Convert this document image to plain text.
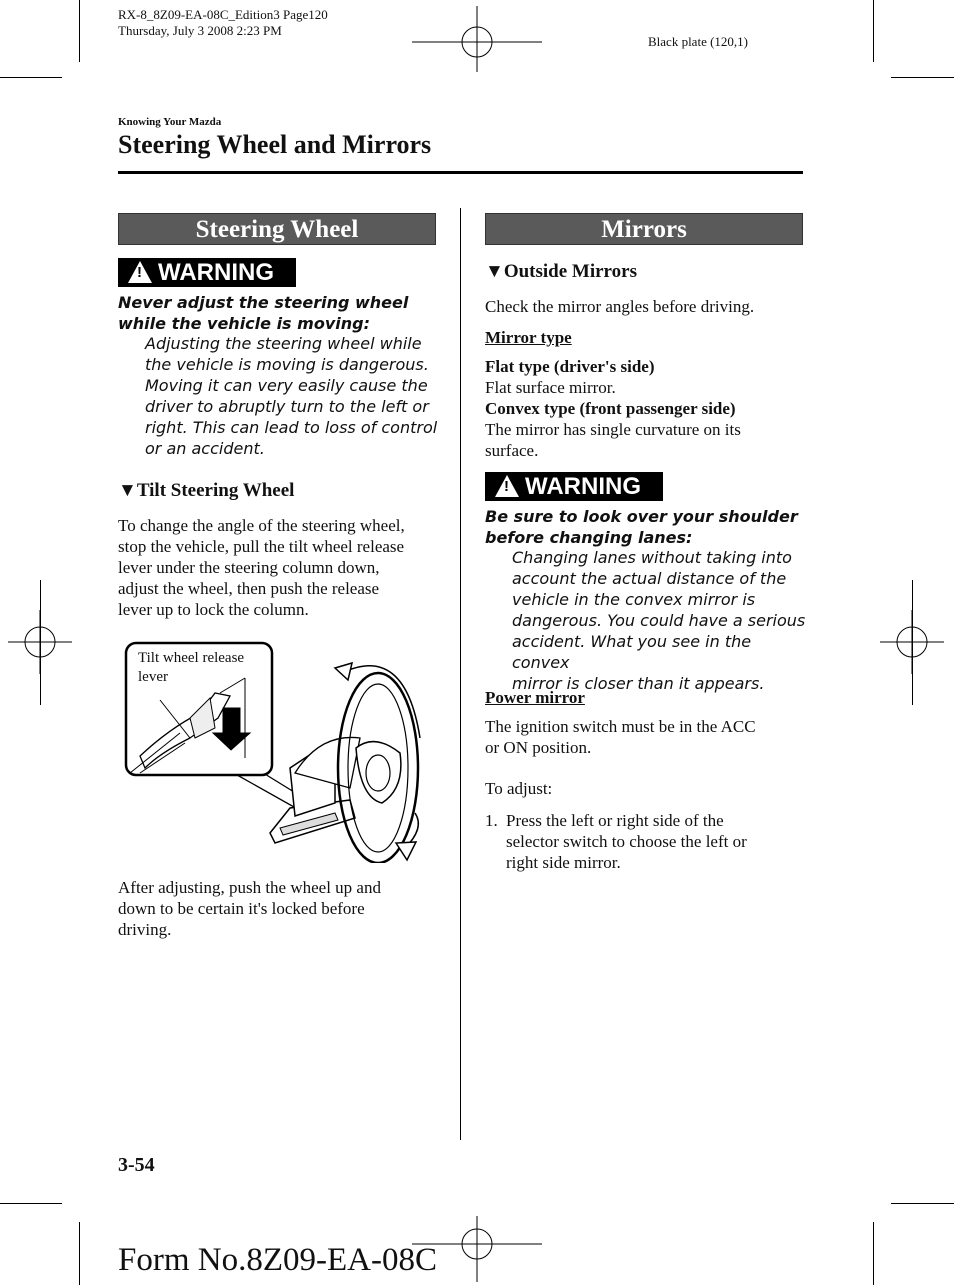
RX-8_8Z09-EA-08C_Edition3 Page120
Thursday, July 3 2008 2:23 PM
Black plate (120,1)
Knowing Your Mazda
Steering Wheel and Mirrors
Steering Wheel
! WARNING
Never adjust the steering wheel while the vehicle is moving:
Adjusting the steering wheel while
the vehicle is moving is dangerous.
Moving it can very easily cause the
driver to abruptly turn to the left or
right. This can lead to loss of control
or an accident.
▼Tilt Steering Wheel
To change the angle of the steering wheel,
stop the vehicle, pull the tilt wheel release
lever under the steering column down,
adjust the wheel, then push the release
lever up to lock the column.
Tilt wheel release
lever
After adjusting, push the wheel up and
down to be certain it's locked before
driving.
Mirrors
▼Outside Mirrors
Check the mirror angles before driving.
Mirror type
Flat type (driver's side)
Flat surface mirror.
Convex type (front passenger side)
The mirror has single curvature on its
surface.
! WARNING
Be sure to look over your shoulder
before changing lanes:
Changing lanes without taking into
account the actual distance of the
vehicle in the convex mirror is
dangerous. You could have a serious
accident. What you see in the convex
mirror is closer than it appears.
Power mirror
The ignition switch must be in the ACC
or ON position.
To adjust:
1. Press the left or right side of the
selector switch to choose the left or
right side mirror.
3-54
Form No.8Z09-EA-08C
